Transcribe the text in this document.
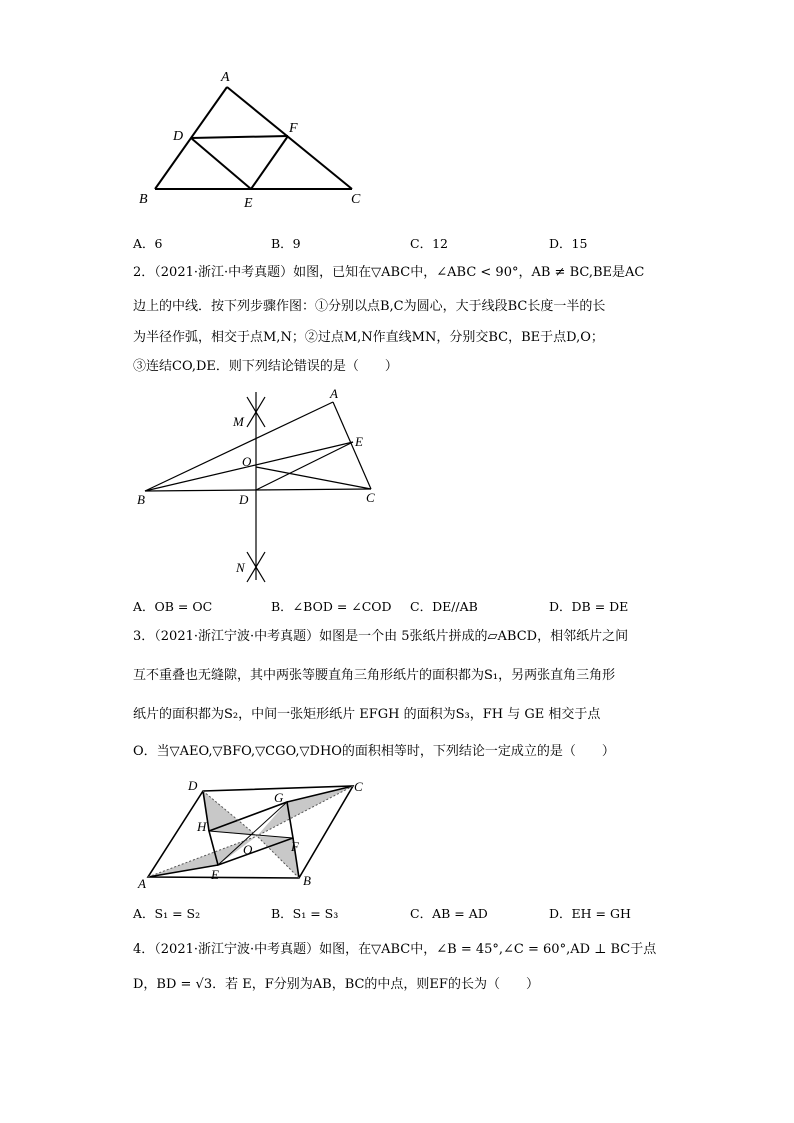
A
B	C
D
E
F
A．6	B．9	C．12	D．15
2．（2021·浙江·中考真题）如图，已知在▽ABC中，∠ABC < 90°，AB ≠ BC,BE是AC
边上的中线．按下列步骤作图：①分别以点B,C为圆心，大于线段BC长度一半的长
为半径作弧，相交于点M,N；②过点M,N作直线MN，分别交BC，BE于点D,O；
③连结CO,DE．则下列结论错误的是（　　）
A
B	C
D
E
O
M
N
A．OB = OC	B．∠BOD = ∠COD C．DE//AB	D．DB = DE
3．（2021·浙江宁波·中考真题）如图是一个由 5张纸片拼成的▱ABCD，相邻纸片之间
互不重叠也无缝隙，其中两张等腰直角三角形纸片的面积都为S₁，另两张直角三角形
纸片的面积都为S₂，中间一张矩形纸片 EFGH 的面积为S₃，FH 与 GE 相交于点
O．当▽AEO,▽BFO,▽CGO,▽DHO的面积相等时，下列结论一定成立的是（　　）
A	B
C
D
E
F
G
H
O
A．S₁ = S₂	B．S₁ = S₃	C．AB = AD	D．EH = GH
4．（2021·浙江宁波·中考真题）如图，在▽ABC中，∠B = 45°,∠C = 60°,AD ⊥ BC于点
D，BD = √3．若 E，F分别为AB，BC的中点，则EF的长为（　　）
